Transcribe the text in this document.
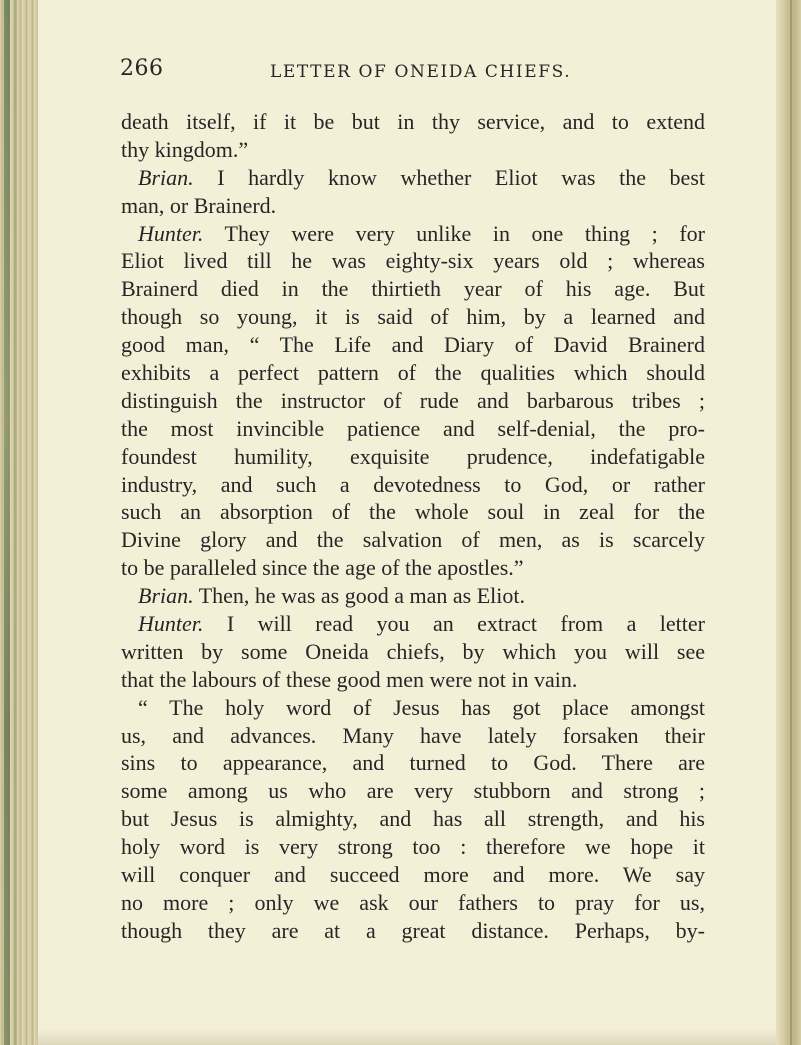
266	LETTER OF ONEIDA CHIEFS.
death itself, if it be but in thy service, and to extend
thy kingdom.”
Brian. I hardly know whether Eliot was the best
man, or Brainerd.
Hunter. They were very unlike in one thing ; for
Eliot lived till he was eighty-six years old ; whereas
Brainerd died in the thirtieth year of his age. But
though so young, it is said of him, by a learned and
good man, “ The Life and Diary of David Brainerd
exhibits a perfect pattern of the qualities which should
distinguish the instructor of rude and barbarous tribes ;
the most invincible patience and self-denial, the pro-
foundest humility, exquisite prudence, indefatigable
industry, and such a devotedness to God, or rather
such an absorption of the whole soul in zeal for the
Divine glory and the salvation of men, as is scarcely
to be paralleled since the age of the apostles.”
Brian. Then, he was as good a man as Eliot.
Hunter. I will read you an extract from a letter
written by some Oneida chiefs, by which you will see
that the labours of these good men were not in vain.
“ The holy word of Jesus has got place amongst
us, and advances. Many have lately forsaken their
sins to appearance, and turned to God. There are
some among us who are very stubborn and strong ;
but Jesus is almighty, and has all strength, and his
holy word is very strong too : therefore we hope it
will conquer and succeed more and more. We say
no more ; only we ask our fathers to pray for us,
though they are at a great distance. Perhaps, by-
